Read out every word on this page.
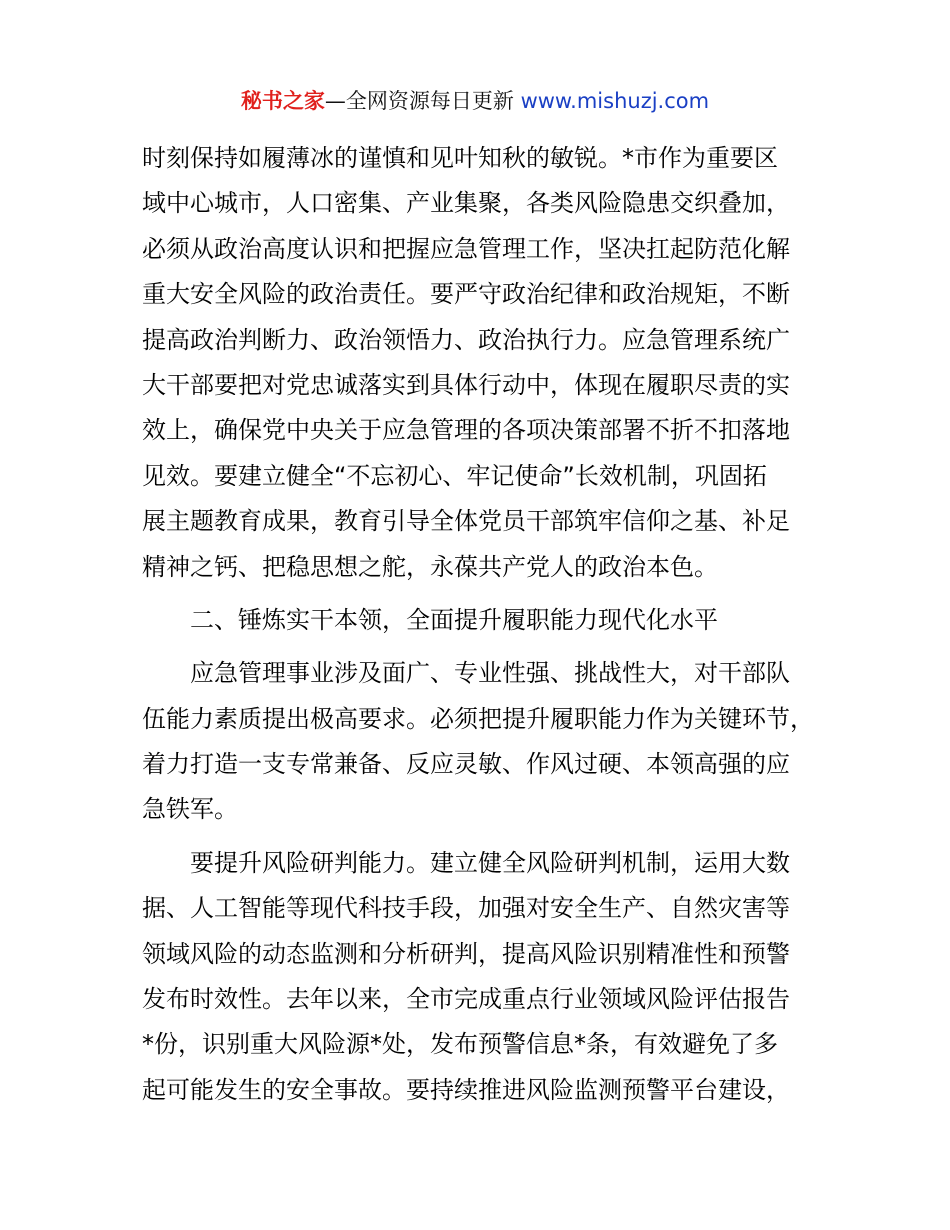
秘书之家—全网资源每日更新 www.mishuzj.com
时刻保持如履薄冰的谨慎和见叶知秋的敏锐。*市作为重要区
域中心城市，人口密集、产业集聚，各类风险隐患交织叠加，
必须从政治高度认识和把握应急管理工作，坚决扛起防范化解
重大安全风险的政治责任。要严守政治纪律和政治规矩，不断
提高政治判断力、政治领悟力、政治执行力。应急管理系统广
大干部要把对党忠诚落实到具体行动中，体现在履职尽责的实
效上，确保党中央关于应急管理的各项决策部署不折不扣落地
见效。要建立健全“不忘初心、牢记使命”长效机制，巩固拓
展主题教育成果，教育引导全体党员干部筑牢信仰之基、补足
精神之钙、把稳思想之舵，永葆共产党人的政治本色。
　　二、锤炼实干本领，全面提升履职能力现代化水平
　　应急管理事业涉及面广、专业性强、挑战性大，对干部队
伍能力素质提出极高要求。必须把提升履职能力作为关键环节，
着力打造一支专常兼备、反应灵敏、作风过硬、本领高强的应
急铁军。
　　要提升风险研判能力。建立健全风险研判机制，运用大数
据、人工智能等现代科技手段，加强对安全生产、自然灾害等
领域风险的动态监测和分析研判，提高风险识别精准性和预警
发布时效性。去年以来，全市完成重点行业领域风险评估报告
*份，识别重大风险源*处，发布预警信息*条，有效避免了多
起可能发生的安全事故。要持续推进风险监测预警平台建设，
